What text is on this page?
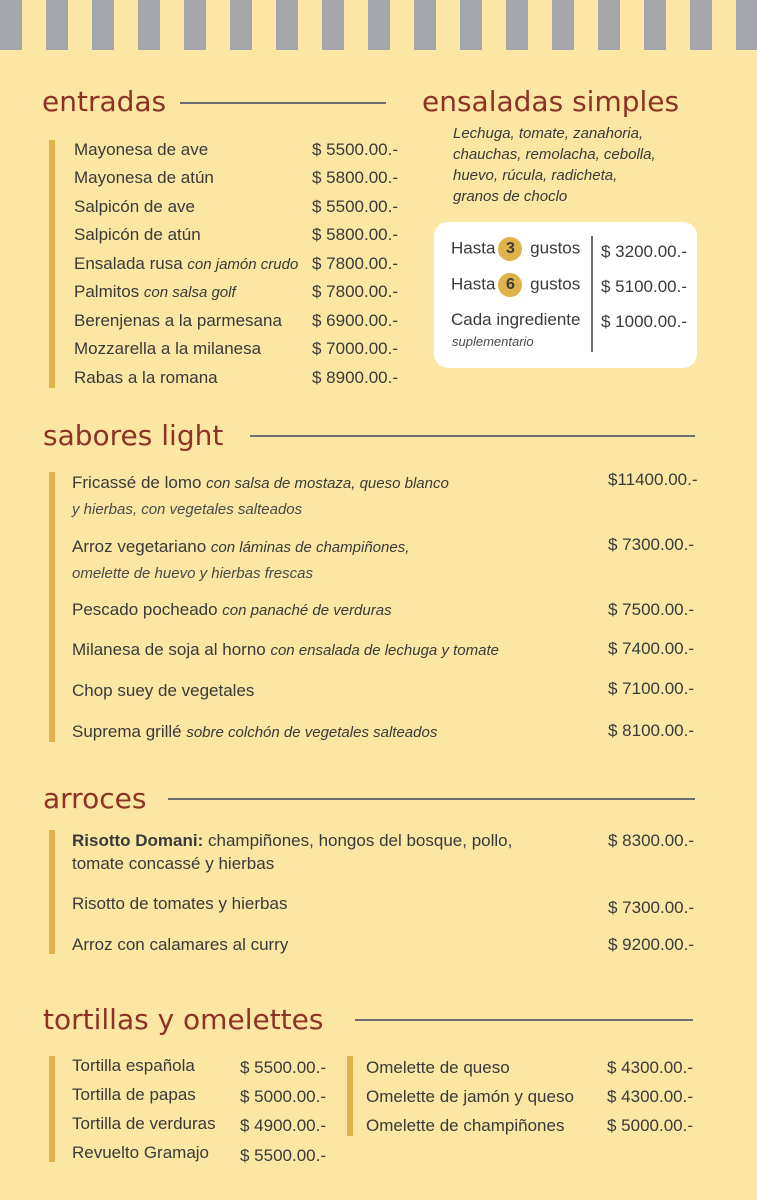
entradas

Mayonesa de ave	$ 5500.00.-

Mayonesa de atún	$ 5800.00.-

Salpicón de ave	$ 5500.00.-

Salpicón de atún	$ 5800.00.-

Ensalada rusa con jamón crudo $ 7800.00.-

Palmitos con salsa golf	$ 7800.00.-

Berenjenas a la parmesana $ 6900.00.-

Mozzarella a la milanesa	$ 7000.00.-

Rabas a la romana	$ 8900.00.-

ensaladas simples
Lechuga, tomate, zanahoria,
chauchas, remolacha, cebolla,
huevo, rúcula, radicheta,
granos de choclo

Hasta 3 gustos $ 3200.00.-

Hasta 6 gustos $ 5100.00.-

Cada ingrediente $ 1000.00.-

suplementario

sabores light

Fricassé de lomo con salsa de mostaza, queso blanco

y hierbas, con vegetales salteados

$11400.00.-

Arroz vegetariano con láminas de champiñones,

omelette de huevo y hierbas frescas

$ 7300.00.-

Pescado pocheado con panaché de verduras	$ 7500.00.-

Milanesa de soja al horno con ensalada de lechuga y tomate	$ 7400.00.-

Chop suey de vegetales	$ 7100.00.-

Suprema grillé sobre colchón de vegetales salteados	$ 8100.00.-

arroces

Risotto Domani: champiñones, hongos del bosque, pollo,

tomate concassé y hierbas

$ 8300.00.-

Risotto de tomates y hierbas	$ 7300.00.-

Arroz con calamares al curry	$ 9200.00.-

tortillas y omelettes

Tortilla española	$ 5500.00.-

Tortilla de papas	$ 5000.00.-

Tortilla de verduras $ 4900.00.-

Revuelto Gramajo $ 5500.00.-

Omelette de queso	$ 4300.00.-

Omelette de jamón y queso $ 4300.00.-

Omelette de champiñones	$ 5000.00.-
